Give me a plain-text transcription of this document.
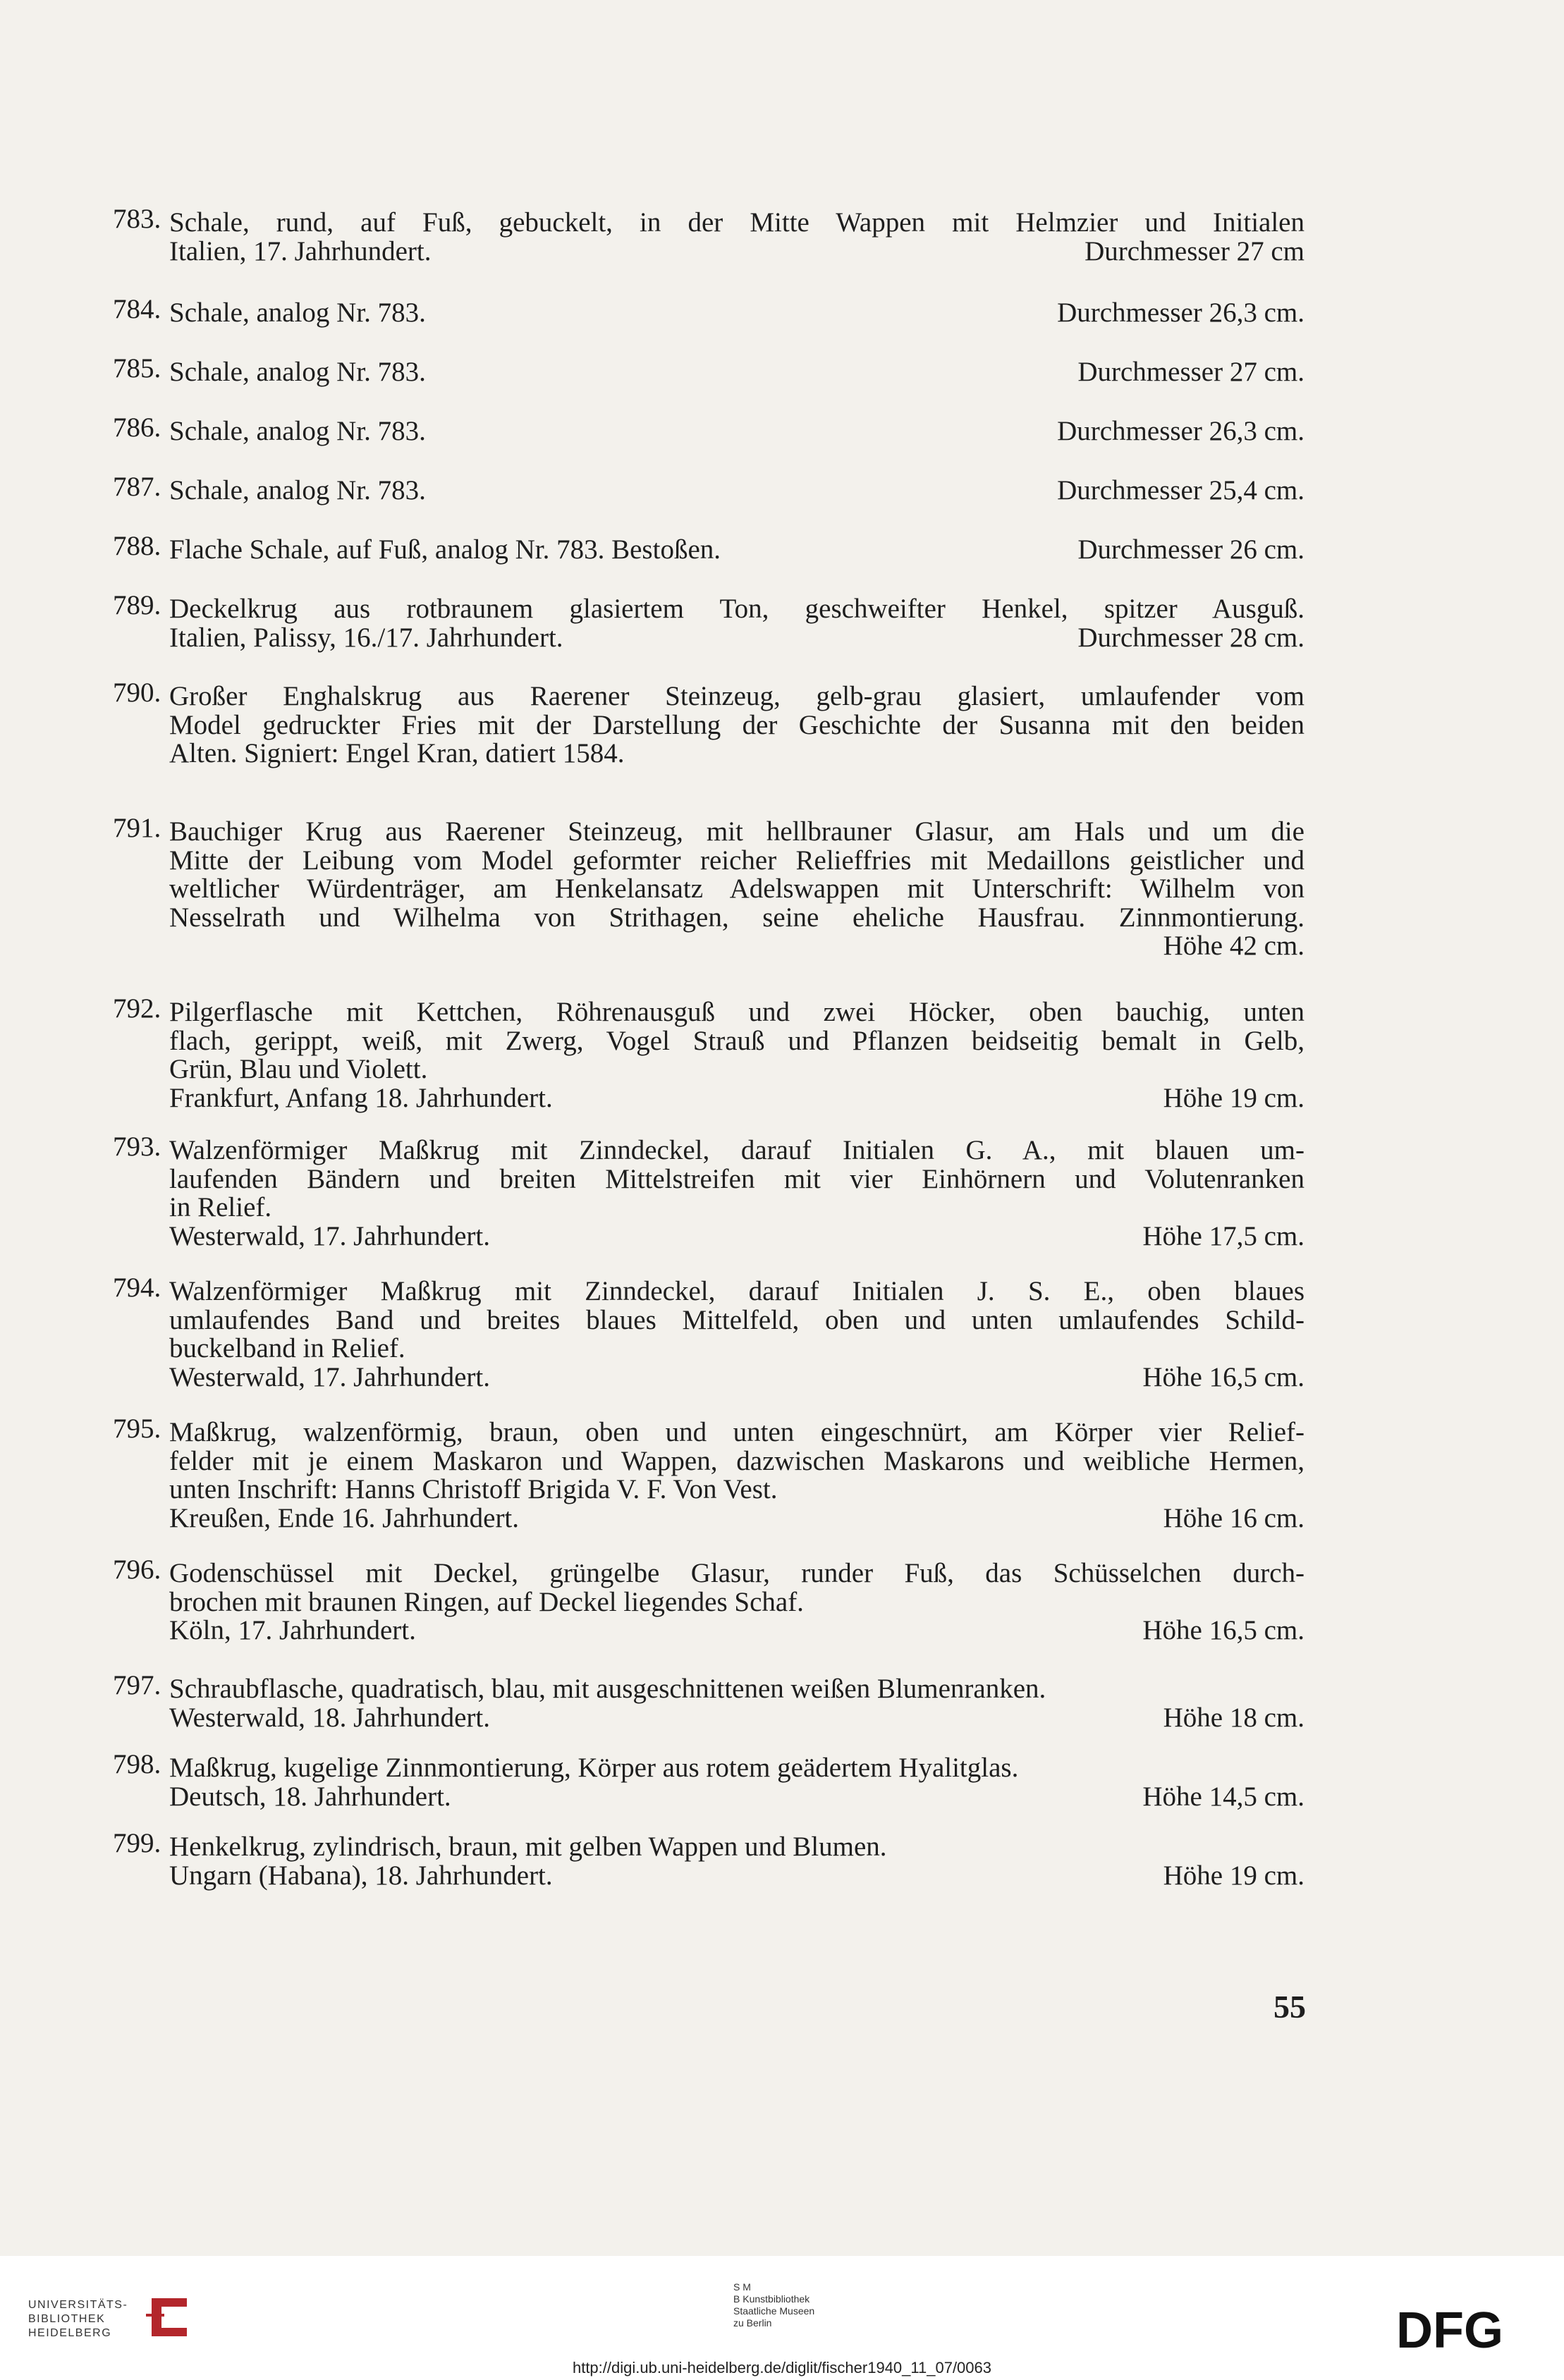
783. Schale, rund, auf Fuß, gebuckelt, in der Mitte Wappen mit Helmzier und Initialen
Italien, 17. Jahrhundert.	Durchmesser 27 cm
784. Schale, analog Nr. 783.	Durchmesser 26,3 cm.
785. Schale, analog Nr. 783.	Durchmesser 27 cm.
786. Schale, analog Nr. 783.	Durchmesser 26,3 cm.
787. Schale, analog Nr. 783.	Durchmesser 25,4 cm.
788. Flache Schale, auf Fuß, analog Nr. 783. Bestoßen.	Durchmesser 26 cm.
789. Deckelkrug aus rotbraunem glasiertem Ton, geschweifter Henkel, spitzer Ausguß.
Italien, Palissy, 16./17. Jahrhundert.	Durchmesser 28 cm.
790. Großer Enghalskrug aus Raerener Steinzeug, gelb-grau glasiert, umlaufender vom
Model gedruckter Fries mit der Darstellung der Geschichte der Susanna mit den beiden
Alten. Signiert: Engel Kran, datiert 1584.
791. Bauchiger Krug aus Raerener Steinzeug, mit hellbrauner Glasur, am Hals und um die
Mitte der Leibung vom Model geformter reicher Relieffries mit Medaillons geistlicher und
weltlicher Würdenträger, am Henkelansatz Adelswappen mit Unterschrift: Wilhelm von
Nesselrath und Wilhelma von Strithagen, seine eheliche Hausfrau. Zinnmontierung.
Höhe 42 cm.
792. Pilgerflasche mit Kettchen, Röhrenausguß und zwei Höcker, oben bauchig, unten
flach, gerippt, weiß, mit Zwerg, Vogel Strauß und Pflanzen beidseitig bemalt in Gelb,
Grün, Blau und Violett.
Frankfurt, Anfang 18. Jahrhundert.	Höhe 19 cm.
793. Walzenförmiger Maßkrug mit Zinndeckel, darauf Initialen G. A., mit blauen um-
laufenden Bändern und breiten Mittelstreifen mit vier Einhörnern und Volutenranken
in Relief.
Westerwald, 17. Jahrhundert.	Höhe 17,5 cm.
794. Walzenförmiger Maßkrug mit Zinndeckel, darauf Initialen J. S. E., oben blaues
umlaufendes Band und breites blaues Mittelfeld, oben und unten umlaufendes Schild-
buckelband in Relief.
Westerwald, 17. Jahrhundert.	Höhe 16,5 cm.
795. Maßkrug, walzenförmig, braun, oben und unten eingeschnürt, am Körper vier Relief-
felder mit je einem Maskaron und Wappen, dazwischen Maskarons und weibliche Hermen,
unten Inschrift: Hanns Christoff Brigida V. F. Von Vest.
Kreußen, Ende 16. Jahrhundert.	Höhe 16 cm.
796. Godenschüssel mit Deckel, grüngelbe Glasur, runder Fuß, das Schüsselchen durch-
brochen mit braunen Ringen, auf Deckel liegendes Schaf.
Köln, 17. Jahrhundert.	Höhe 16,5 cm.
797. Schraubflasche, quadratisch, blau, mit ausgeschnittenen weißen Blumenranken.
Westerwald, 18. Jahrhundert.	Höhe 18 cm.
798. Maßkrug, kugelige Zinnmontierung, Körper aus rotem geädertem Hyalitglas.
Deutsch, 18. Jahrhundert.	Höhe 14,5 cm.
799. Henkelkrug, zylindrisch, braun, mit gelben Wappen und Blumen.
Ungarn (Habana), 18. Jahrhundert.	Höhe 19 cm.
55
UNIVERSITÄTS-
BIBLIOTHEK
HEIDELBERG
S M
B Kunstbibliothek
Staatliche Museen
zu Berlin	DFG
http://digi.ub.uni-heidelberg.de/diglit/fischer1940_11_07/0063
